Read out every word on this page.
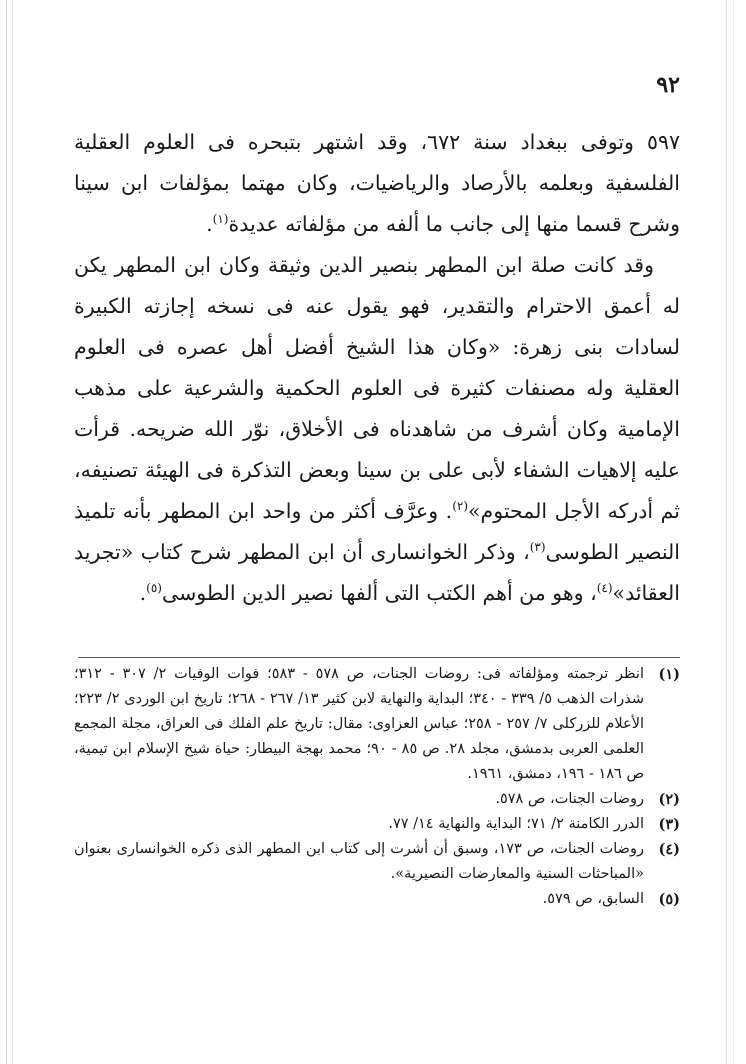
٩٢

٥٩٧ وتوفى ببغداد سنة ٦٧٢، وقد اشتهر بتبحره فى العلوم العقلية الفلسفية وبعلمه بالأرصاد والرياضيات، وكان مهتما بمؤلفات ابن سينا وشرح قسما منها إلى جانب ما ألفه من مؤلفاته عديدة$^{(١)}$.

وقد كانت صلة ابن المطهر بنصير الدين وثيقة وكان ابن المطهر يكن له أعمق الاحترام والتقدير، فهو يقول عنه فى نسخه إجازته الكبيرة لسادات بنى زهرة: «وكان هذا الشيخ أفضل أهل عصره فى العلوم العقلية وله مصنفات كثيرة فى العلوم الحكمية والشرعية على مذهب الإمامية وكان أشرف من شاهدناه فى الأخلاق، نوّر الله ضريحه. قرأت عليه إلاهيات الشفاء لأبى على بن سينا وبعض التذكرة فى الهيئة تصنيفه، ثم أدركه الأجل المحتوم»$^{(٢)}$. وعرَّف أكثر من واحد ابن المطهر بأنه تلميذ النصير الطوسى$^{(٣)}$، وذكر الخوانسارى أن ابن المطهر شرح كتاب «تجريد العقائد»$^{(٤)}$، وهو من أهم الكتب التى ألفها نصير الدين الطوسى$^{(٥)}$.

(١)
انظر ترجمته ومؤلفاته فى: روضات الجنات، ص ٥٧٨ - ٥٨٣؛ فوات الوفيات ٢/ ٣٠٧ - ٣١٢؛ شذرات الذهب ٥/ ٣٣٩ - ٣٤٠؛ البداية والنهاية لابن كثير ١٣/ ٢٦٧ - ٢٦٨؛ تاريخ ابن الوردى ٢/ ٢٢٣؛ الأعلام للزركلى ٧/ ٢٥٧ - ٢٥٨؛ عباس العزاوى: مقال: تاريخ علم الفلك فى العراق، مجلة المجمع العلمى العربى بدمشق، مجلد ٢٨. ص ٨٥ - ٩٠؛ محمد بهجة البيطار: حياة شيخ الإسلام ابن تيمية، ص ١٨٦ - ١٩٦، دمشق، ١٩٦١.
(٢)
روضات الجنات، ص ٥٧٨.
(٣)
الدرر الكامنة ٢/ ٧١؛ البداية والنهاية ١٤/ ٧٧.
(٤)
روضات الجنات، ص ١٧٣، وسبق أن أشرت إلى كتاب ابن المطهر الذى ذكره الخوانسارى بعنوان «المباحثات السنية والمعارضات النصيرية».
(٥)
السابق، ص ٥٧٩.
